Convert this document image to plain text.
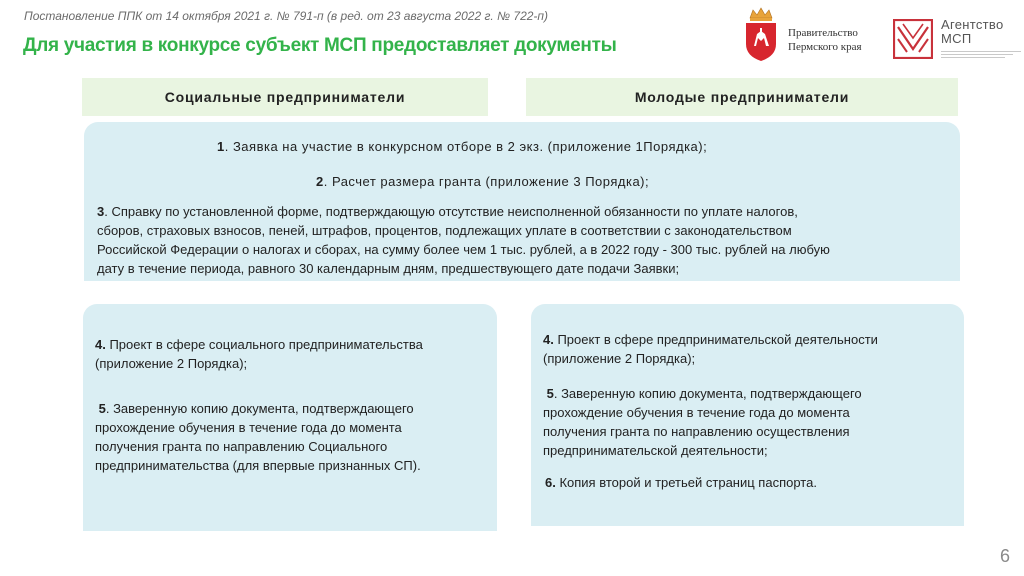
Постановление ППК от 14 октября 2021 г. № 791-п (в ред. от 23 августа 2022 г. № 722-п)
Для участия в конкурсе субъект МСП предоставляет документы
Правительство
Пермского края
Агентство
МСП
Социальные предприниматели	Молодые предприниматели
1. Заявка на участие в конкурсном отборе в 2 экз. (приложение 1Порядка);
2. Расчет размера гранта (приложение 3 Порядка);
3. Справку по установленной форме, подтверждающую отсутствие неисполненной обязанности по уплате налогов,
сборов, страховых взносов, пеней, штрафов, процентов, подлежащих уплате в соответствии с законодательством
Российской Федерации о налогах и сборах, на сумму более чем 1 тыс. рублей, а в 2022 году - 300 тыс. рублей на любую
дату в течение периода, равного 30 календарным дням, предшествующего дате подачи Заявки;
4. Проект в сфере социального предпринимательства
(приложение 2 Порядка);
5. Заверенную копию документа, подтверждающего
прохождение обучения в течение года до момента
получения гранта по направлению Социального
предпринимательства (для впервые признанных СП).
4. Проект в сфере предпринимательской деятельности
(приложение 2 Порядка);
5. Заверенную копию документа, подтверждающего
прохождение обучения в течение года до момента
получения гранта по направлению осуществления
предпринимательской деятельности;
6. Копия второй и третьей страниц паспорта.
6
